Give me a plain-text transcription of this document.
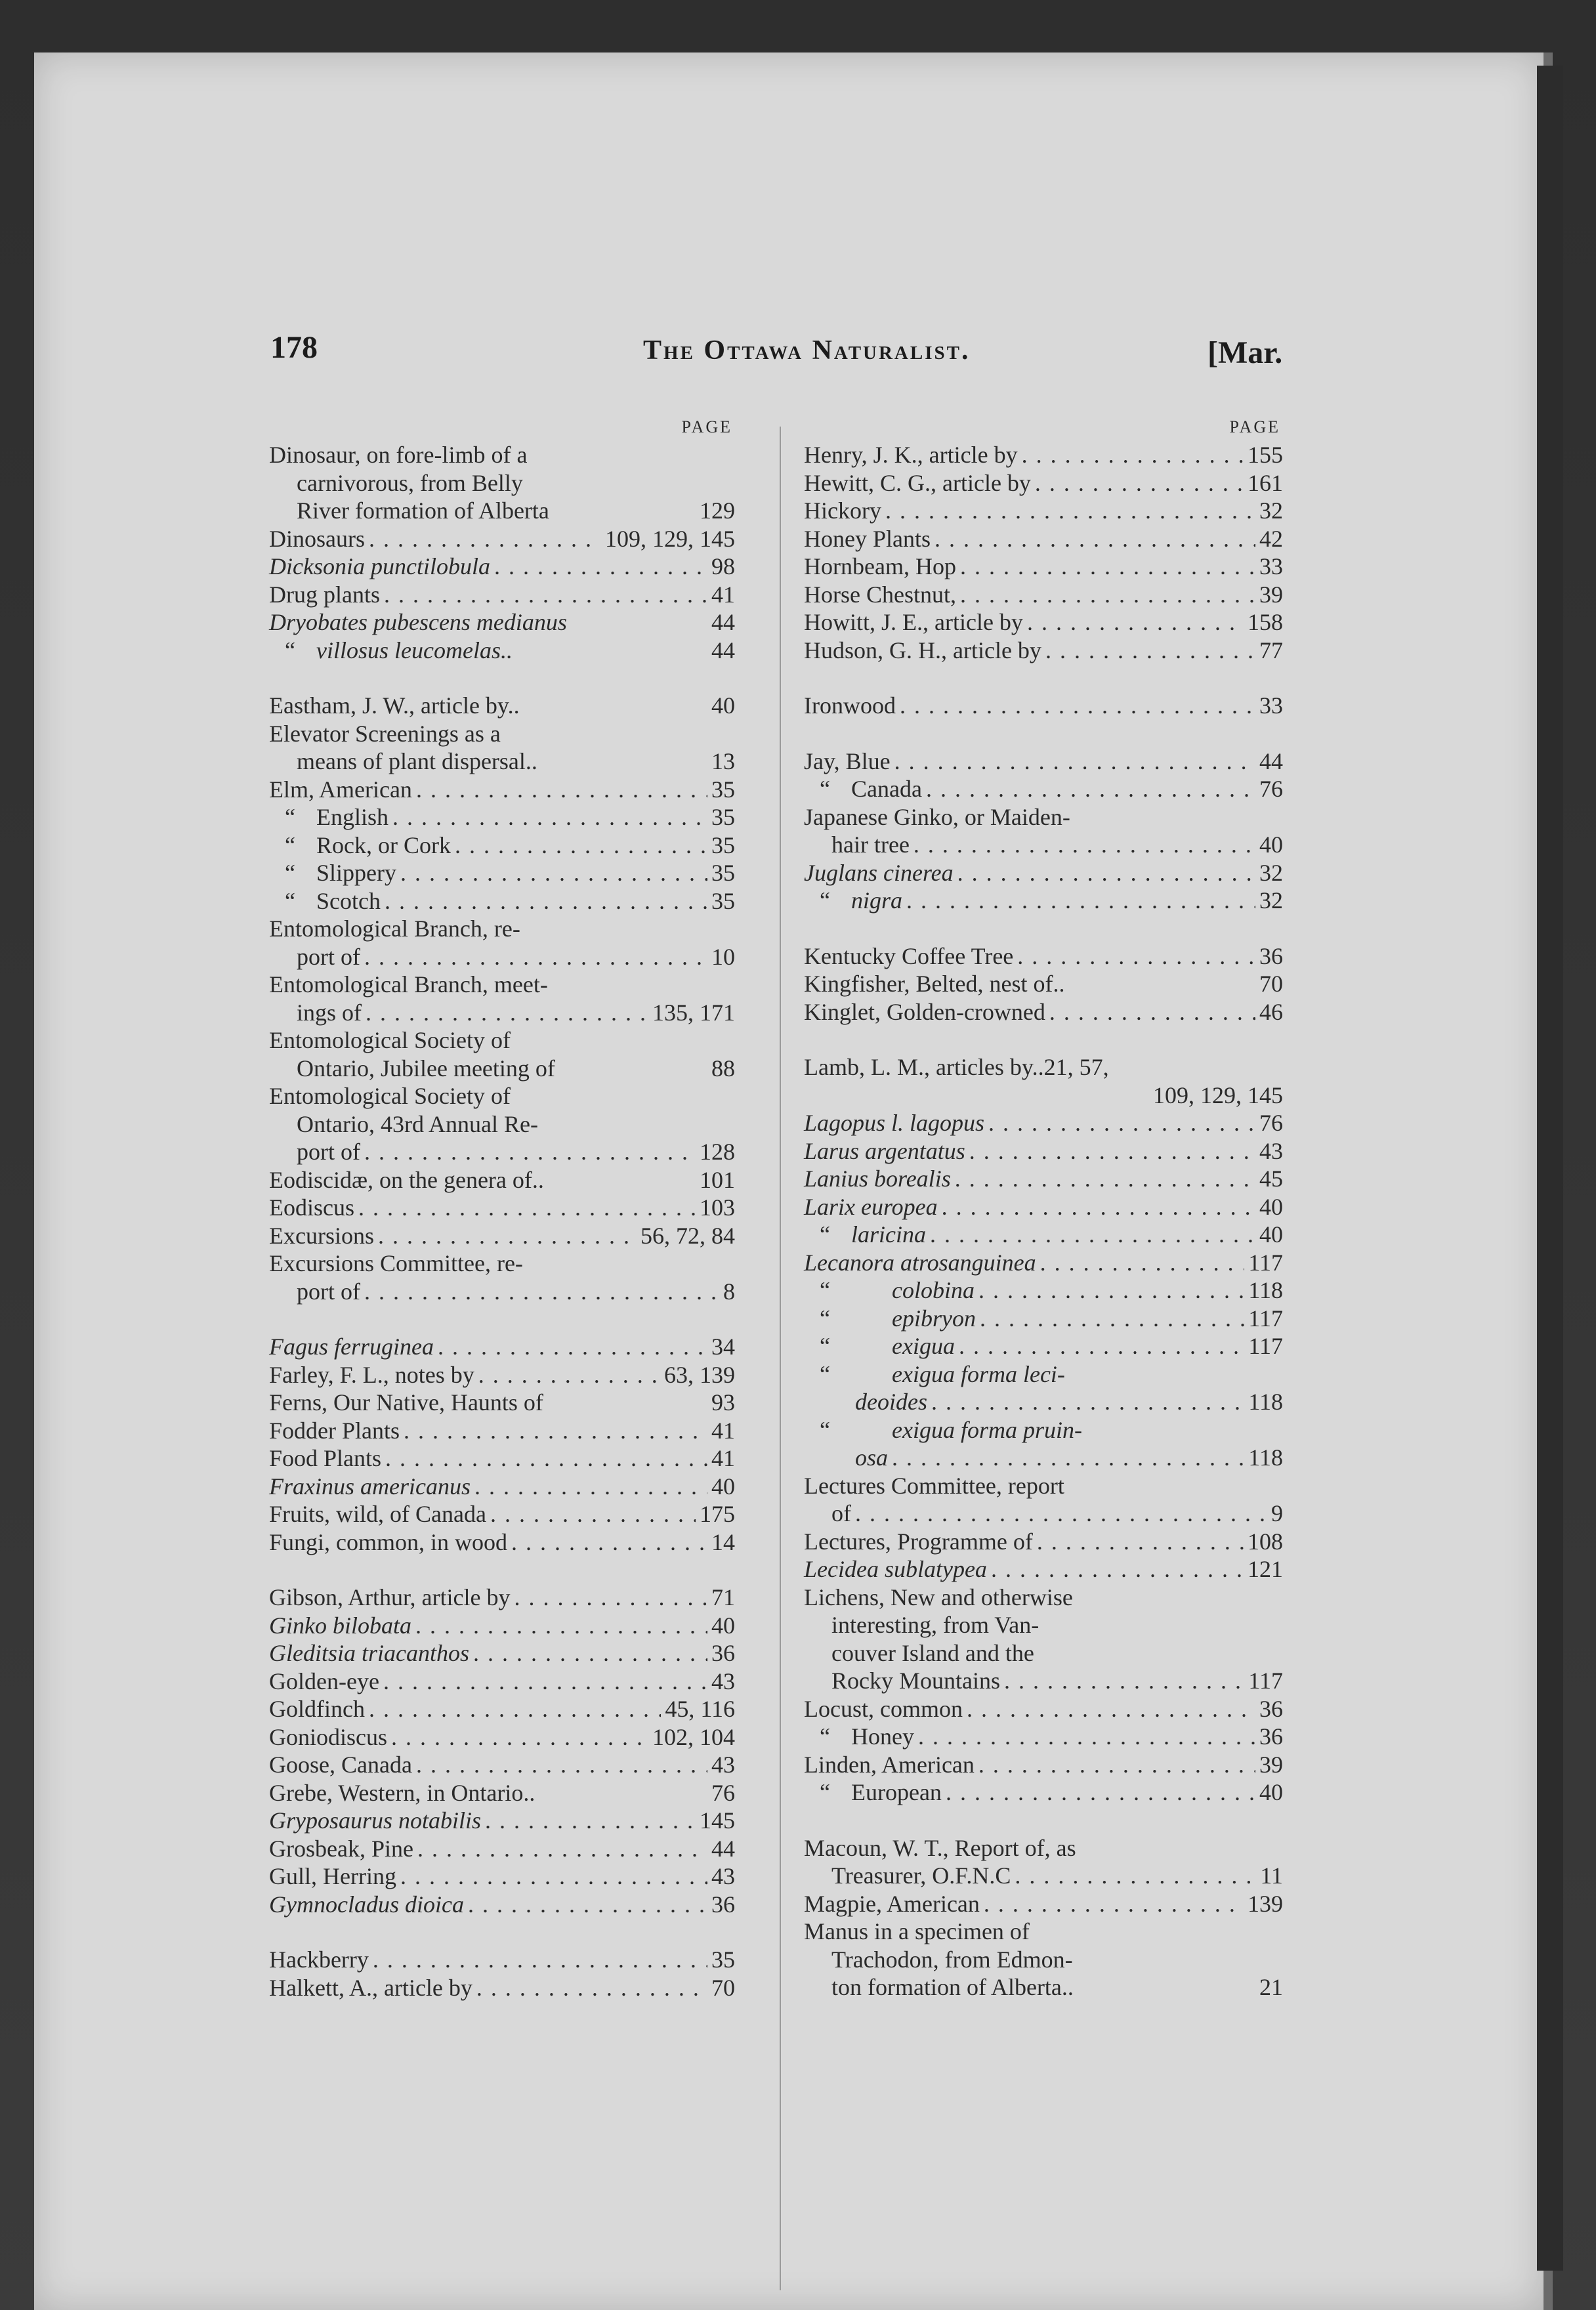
178	The Ottawa Naturalist.	[Mar.
PAGE
Dinosaur, on fore-limb of a
carnivorous, from Belly
River formation of Alberta	129
Dinosaurs . . .	109, 129, 145
Dicksonia punctilobula . . .	98
Drug plants . . .	41
Dryobates pubescens medianus	44
“ villosus leucomelas..	44
Eastham, J. W., article by..	40
Elevator Screenings as a
means of plant dispersal..	13
Elm, American . . .	35
“ English . . .	35
“ Rock, or Cork . . .	35
“ Slippery . . .	35
“ Scotch . . .	35
Entomological Branch, re-
port of . . .	10
Entomological Branch, meet-
ings of . . .	135, 171
Entomological Society of
Ontario, Jubilee meeting of	88
Entomological Society of
Ontario, 43rd Annual Re-
port of . . .	128
Eodiscidæ, on the genera of..	101
Eodiscus . . .	103
Excursions . . .	56, 72, 84
Excursions Committee, re-
port of . . .	8
Fagus ferruginea . . .	34
Farley, F. L., notes by . . .	63, 139
Ferns, Our Native, Haunts of	93
Fodder Plants . . .	41
Food Plants . . .	41
Fraxinus americanus . . .	40
Fruits, wild, of Canada . . .	175
Fungi, common, in wood . . .	14
Gibson, Arthur, article by . . .	71
Ginko bilobata . . .	40
Gleditsia triacanthos . . .	36
Golden-eye . . .	43
Goldfinch . . .	45, 116
Goniodiscus . . .	102, 104
Goose, Canada . . .	43
Grebe, Western, in Ontario..	76
Gryposaurus notabilis . . .	145
Grosbeak, Pine . . .	44
Gull, Herring . . .	43
Gymnocladus dioica . . .	36
Hackberry . . .	35
Halkett, A., article by . . .	70
PAGE
Henry, J. K., article by . . .	155
Hewitt, C. G., article by . . .	161
Hickory . . .	32
Honey Plants . . .	42
Hornbeam, Hop . . .	33
Horse Chestnut, . . .	39
Howitt, J. E., article by . . .	158
Hudson, G. H., article by . . .	77
Ironwood . . .	33
Jay, Blue . . .	44
“ Canada . . .	76
Japanese Ginko, or Maiden-
hair tree . . .	40
Juglans cinerea . . .	32
“ nigra . . .	32
Kentucky Coffee Tree . . .	36
Kingfisher, Belted, nest of..	70
Kinglet, Golden-crowned . . .	46
Lamb, L. M., articles by..21, 57,
109, 129, 145
Lagopus l. lagopus . . .	76
Larus argentatus . . .	43
Lanius borealis . . .	45
Larix europea . . .	40
“ laricina . . .	40
Lecanora atrosanguinea . . .	117
“	colobina . . .	118
“	epibryon . . .	117
“	exigua . . .	117
“	exigua forma leci-
deoides . . .	118
“	exigua forma pruin-
osa . . .	118
Lectures Committee, report
of . . .	9
Lectures, Programme of . . .	108
Lecidea sublatypea . . .	121
Lichens, New and otherwise
interesting, from Van-
couver Island and the
Rocky Mountains . . .	117
Locust, common . . .	36
“ Honey . . .	36
Linden, American . . .	39
“ European . . .	40
Macoun, W. T., Report of, as
Treasurer, O.F.N.C . . .	11
Magpie, American . . .	139
Manus in a specimen of
Trachodon, from Edmon-
ton formation of Alberta..	21
